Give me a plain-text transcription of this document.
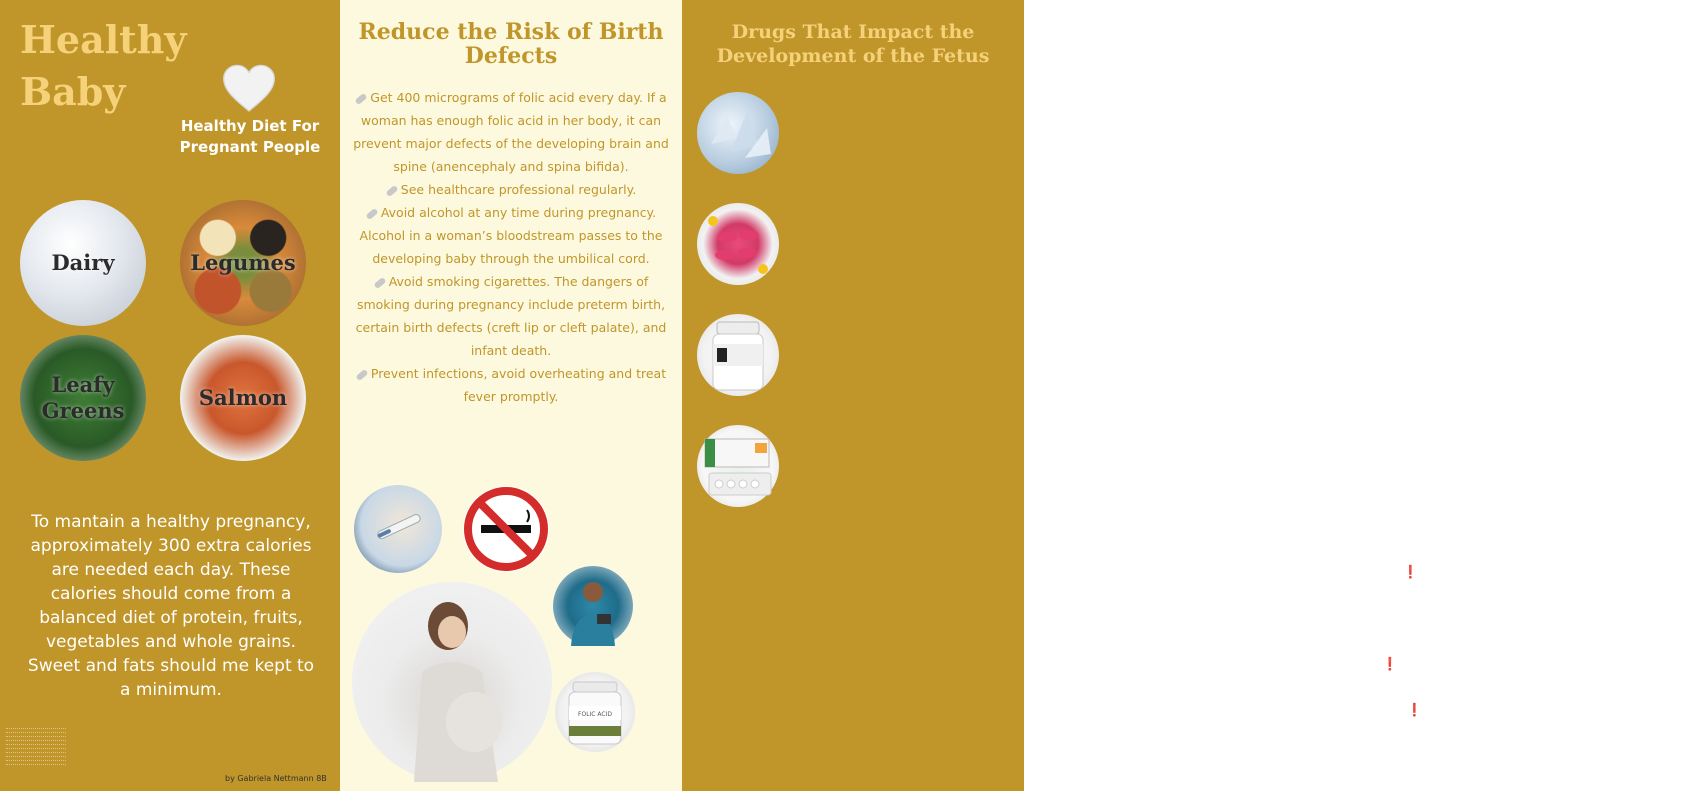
Healthy
Baby
Healthy Diet For Pregnant People
Dairy	Legumes
Leafy Greens
Salmon
To mantain a healthy pregnancy, approximately 300 extra calories are needed each day. These calories should come from a balanced diet of protein, fruits, vegetables and whole grains. Sweet and fats should me kept to a minimum.
by Gabriela Nettmann 8B
Reduce the Risk of Birth Defects

Get 400 micrograms of folic acid every day. If a woman has enough folic acid in her body, it can prevent major defects of the developing brain and spine (anencephaly and spina bifida).

See healthcare professional regularly.

Avoid alcohol at any time during pregnancy. Alcohol in a woman’s bloodstream passes to the developing baby through the umbilical cord.

Avoid smoking cigarettes. The dangers of smoking during pregnancy include preterm birth, certain birth defects (creft lip or cleft palate), and infant death.

Prevent infections, avoid overheating and treat fever promptly.

Drugs That Impact the Development of the Fetus
Methamphetamine:
Using meth during pregnancy can reduce a woman’s placental blood flow. This can cause fetal hypoxia, an insufficient amount of oxygen to the fetus.
NSAIDs (ibuprofen, naproxem, etc.):
When taken during pregnancy, NSAIDs reduce bloodflow to the baby’s kidneys and other important structures. Reduced blood flow to the kidneys leads to reduced urine production by the fetus.
Chloramphenicol:
Chloramphenicol is an antibiotic that’s usually given as an injection. This drug can cause serious blood disorders and gray baby syndrome.
Primaquine:
Primaquine is a drug that’s used to treat malaria. There isn’t a lot of data on humans who’ve taken this drug during pregnancy, but dies suggest it’s harmful to developing fetuses. It can damage cells in a fetus.

❗ More than 50% of pregnant women take prescription or nonprescription drugs at some time during pregnancy, and use of drugs during pregnancy is increasing.

❗ About 5% of pregnant women use one or more adictive substances.

❗ Over 20 000 babies are born each year dependent on illegal or prescription drugs and suffer neonatal abstinence syndrome (NAS).

FOLIC ACID
